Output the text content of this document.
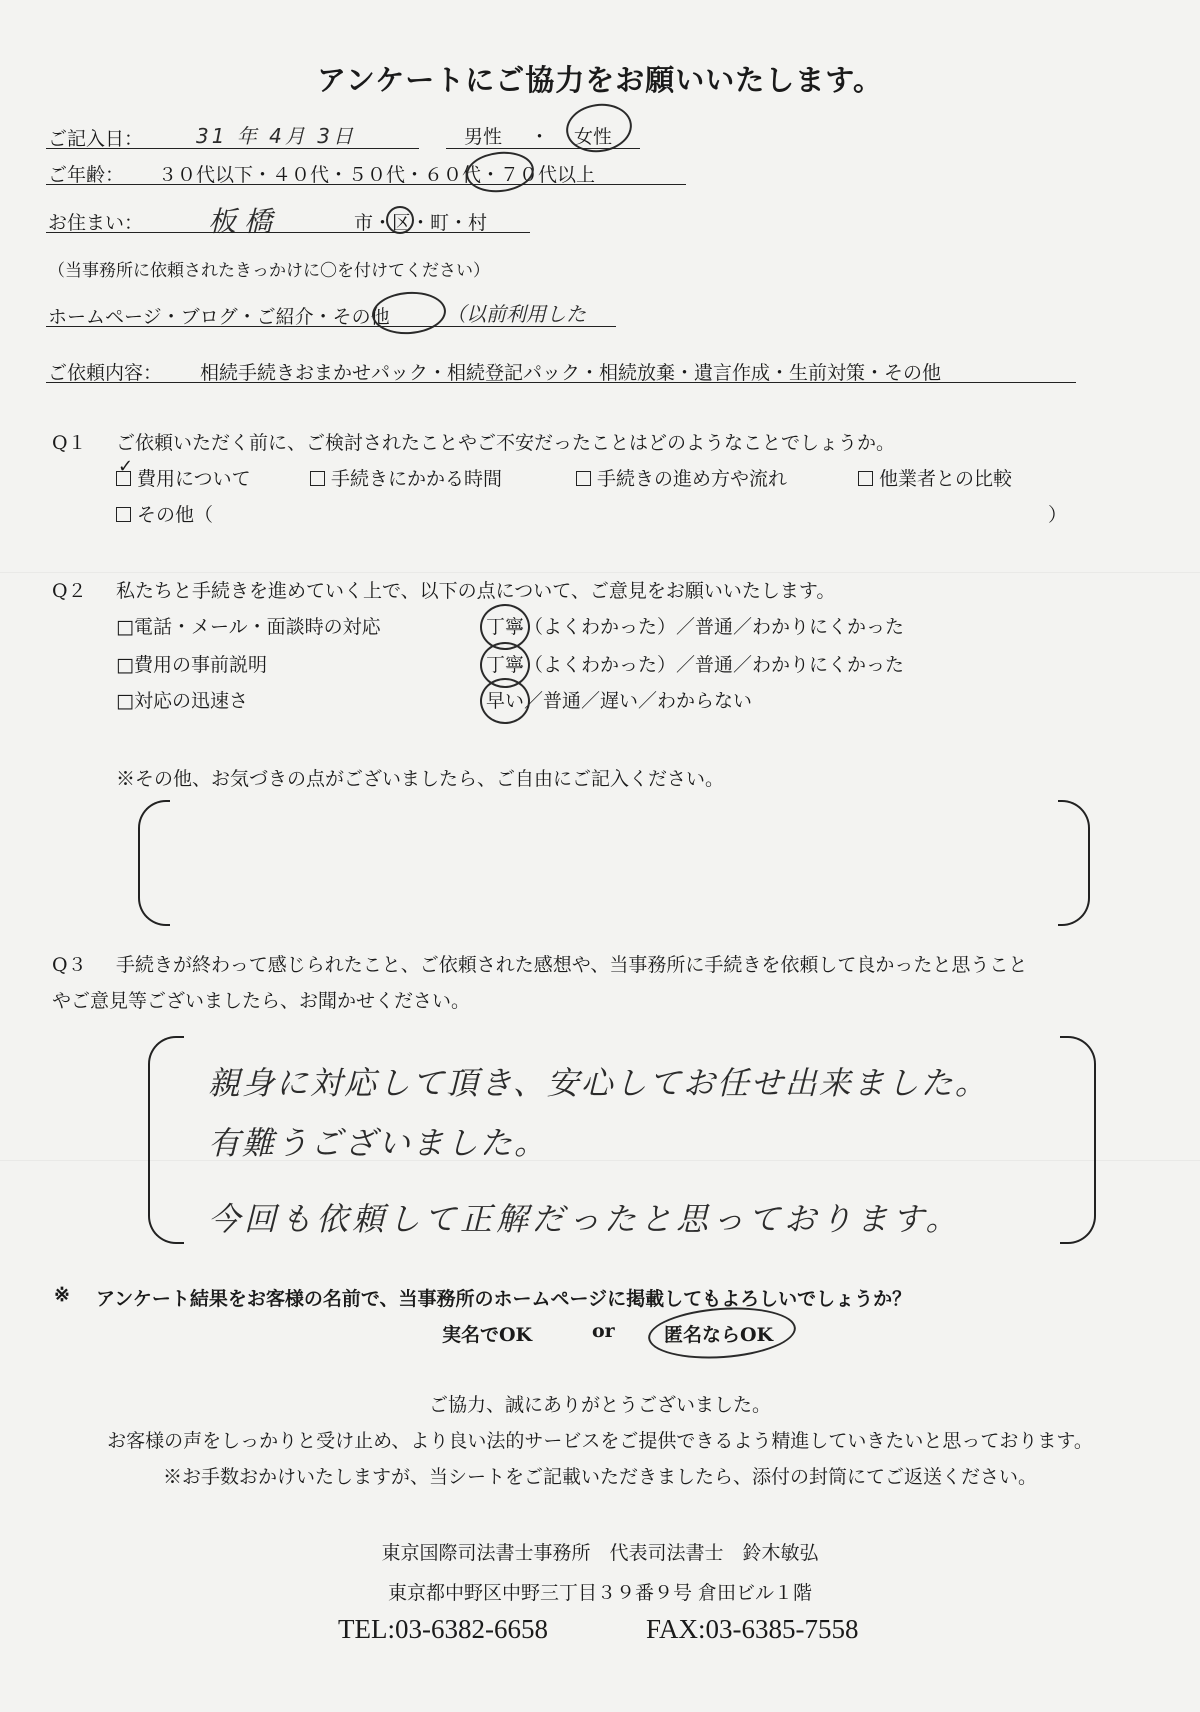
アンケートにご協力をお願いいたします。
ご記入日：	31 年 4月 3日	男性 ・ 女性
ご年齢： ３０代以下・４０代・５０代・６０代・７０代以上
お住まい： 板橋	市・区・町・村
（当事務所に依頼されたきっかけに〇を付けてください）
ホームページ・ブログ・ご紹介・その他	（以前利用した
ご依頼内容： 相続手続きおまかせパック・相続登記パック・相続放棄・遺言作成・生前対策・その他
Q１ ご依頼いただく前に、ご検討されたことやご不安だったことはどのようなことでしょうか。
費用について
✓
手続きにかかる時間	手続きの進め方や流れ	他業者との比較
その他（	）
Q２ 私たちと手続きを進めていく上で、以下の点について、ご意見をお願いいたします。
□電話・メール・面談時の対応	丁寧（よくわかった）／普通／わかりにくかった
□費用の事前説明	丁寧（よくわかった）／普通／わかりにくかった
□対応の迅速さ	早い／普通／遅い／わからない
※その他、お気づきの点がございましたら、ご自由にご記入ください。
Q３ 手続きが終わって感じられたこと、ご依頼された感想や、当事務所に手続きを依頼して良かったと思うこと
やご意見等ございましたら、お聞かせください。
親身に対応して頂き、安心してお任せ出来ました。
有難うございました。
今回も依頼して正解だったと思っております。
※ アンケート結果をお客様の名前で、当事務所のホームページに掲載してもよろしいでしょうか？
実名でOK	or	匿名ならOK
ご協力、誠にありがとうございました。
お客様の声をしっかりと受け止め、より良い法的サービスをご提供できるよう精進していきたいと思っております。
※お手数おかけいたしますが、当シートをご記載いただきましたら、添付の封筒にてご返送ください。
東京国際司法書士事務所　代表司法書士　鈴木敏弘
東京都中野区中野三丁目３９番９号 倉田ビル１階
TEL:03-6382-6658	FAX:03-6385-7558
